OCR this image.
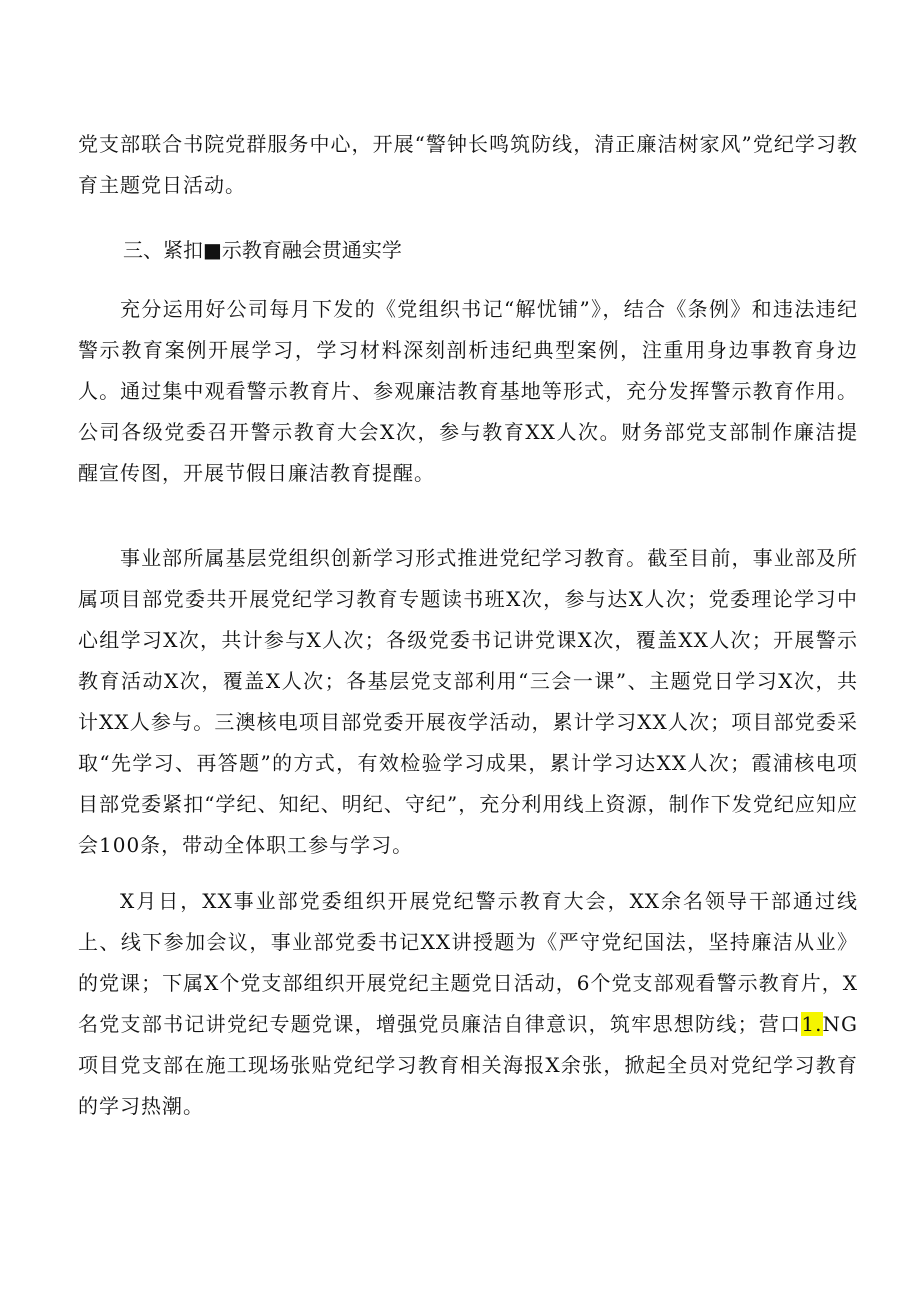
党支部联合书院党群服务中心，开展“警钟长鸣筑防线，清正廉洁树家风”党纪学习教育主题党日活动。

三、紧扣■示教育融会贯通实学

充分运用好公司每月下发的《党组织书记“解忧铺”》，结合《条例》和违法违纪警示教育案例开展学习，学习材料深刻剖析违纪典型案例，注重用身边事教育身边人。通过集中观看警示教育片、参观廉洁教育基地等形式，充分发挥警示教育作用。公司各级党委召开警示教育大会X次，参与教育XX人次。财务部党支部制作廉洁提醒宣传图，开展节假日廉洁教育提醒。

事业部所属基层党组织创新学习形式推进党纪学习教育。截至目前，事业部及所属项目部党委共开展党纪学习教育专题读书班X次，参与达X人次；党委理论学习中心组学习X次，共计参与X人次；各级党委书记讲党课X次，覆盖XX人次；开展警示教育活动X次，覆盖X人次；各基层党支部利用“三会一课”、主题党日学习X次，共计XX人参与。三澳核电项目部党委开展夜学活动，累计学习XX人次；项目部党委采取“先学习、再答题”的方式，有效检验学习成果，累计学习达XX人次；霞浦核电项目部党委紧扣“学纪、知纪、明纪、守纪”，充分利用线上资源，制作下发党纪应知应会100条，带动全体职工参与学习。

X月日，XX事业部党委组织开展党纪警示教育大会，XX余名领导干部通过线上、线下参加会议，事业部党委书记XX讲授题为《严守党纪国法，坚持廉洁从业》的党课；下属X个党支部组织开展党纪主题党日活动，6个党支部观看警示教育片，X名党支部书记讲党纪专题党课，增强党员廉洁自律意识，筑牢思想防线；营口1.NG项目党支部在施工现场张贴党纪学习教育相关海报X余张，掀起全员对党纪学习教育的学习热潮。
